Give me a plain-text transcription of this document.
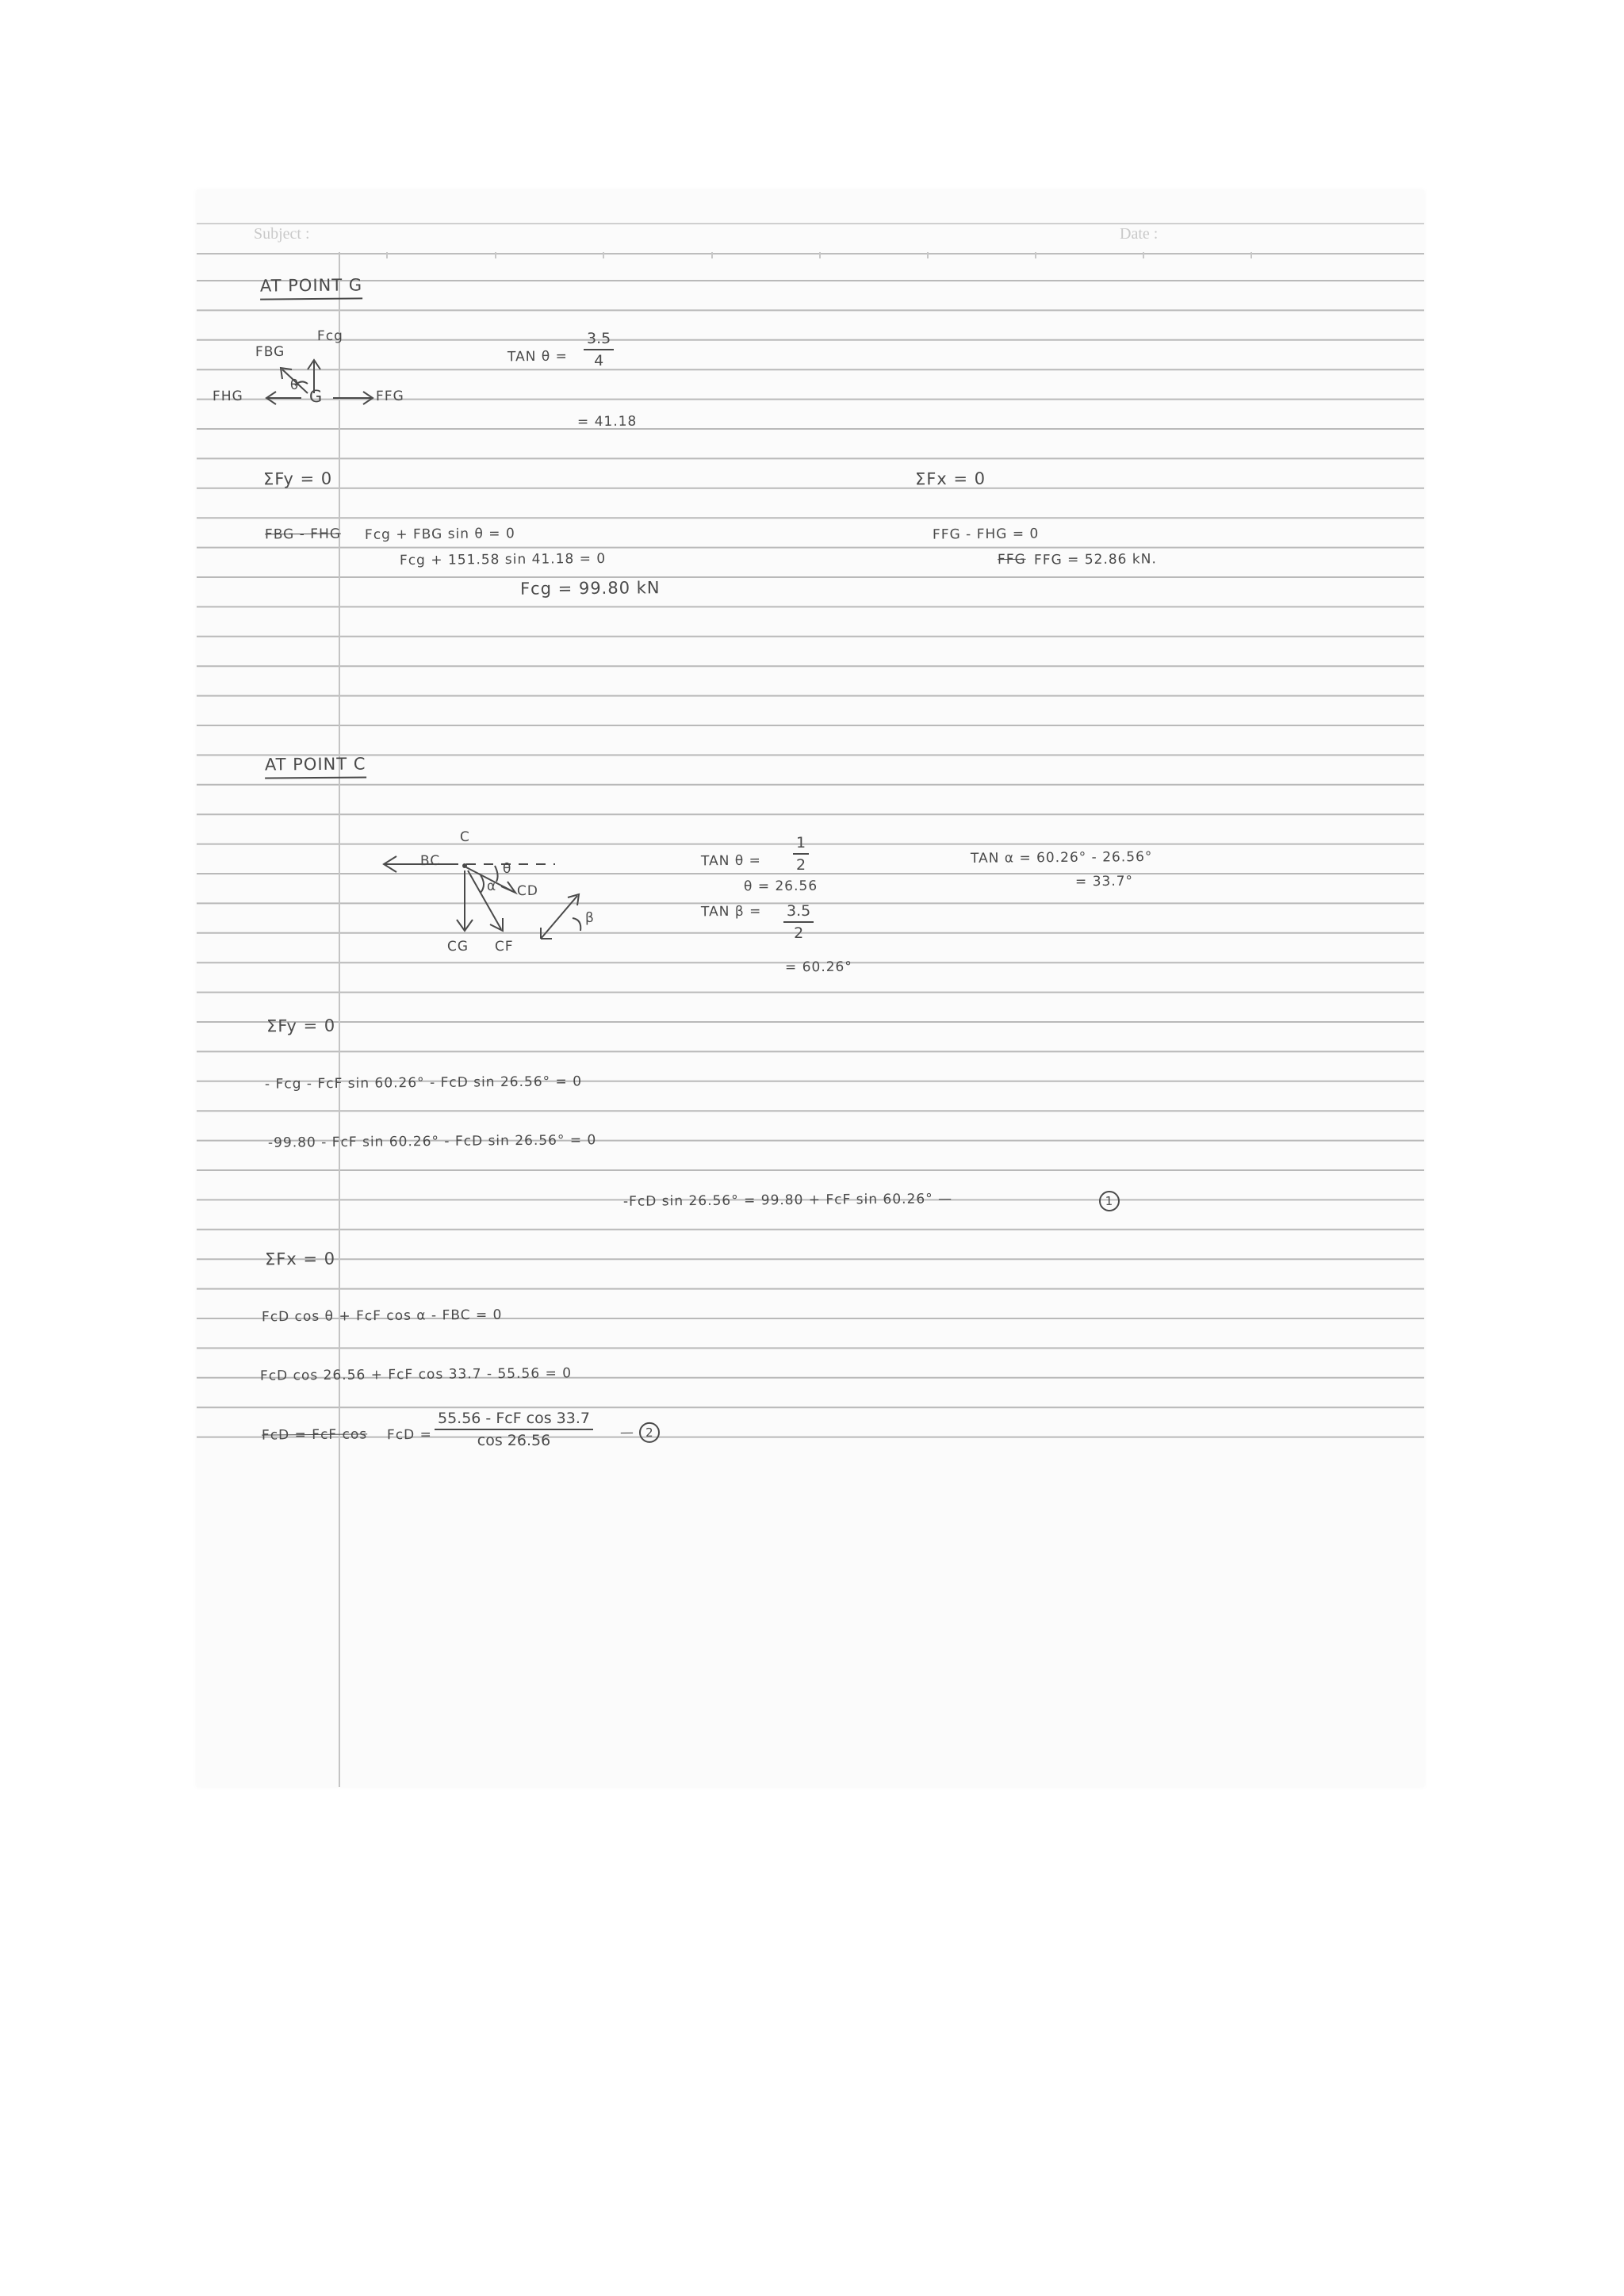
Subject :	Date :
AT POINT G
Fcg
FBG
θ
FHG	G	FFG
TAN $\theta = \frac{3.5}{4}$
= 41.18
ΣFy = 0	ΣFx = 0
FBG - FHG Fcg + FBG sin θ = 0
Fcg + 151.58 sin 41.18 = 0
Fcg = 99.80 kN
FFG - FHG = 0
FFG FFG = 52.86 kN.
AT POINT C
BC
C
θ
α CD
β
CG CF
TAN $\theta = \frac{1}{2}$
θ = 26.56
TAN $\beta = \frac{3.5}{2}$
= 60.26°
TAN α = 60.26° - 26.56°
= 33.7°
ΣFy = 0
- Fcg - FcF sin 60.26° - FcD sin 26.56° = 0
-99.80 - FcF sin 60.26° - FcD sin 26.56° = 0
-FcD sin 26.56° = 99.80 + FcF sin 60.26° —	1
ΣFx = 0
FcD cos θ + FcF cos α - FBC = 0
FcD cos 26.56 + FcF cos 33.7 - 55.56 = 0
FcD = FcF cos FcD =
55.56 - FcF cos 33.7
cos 26.56	— 2
